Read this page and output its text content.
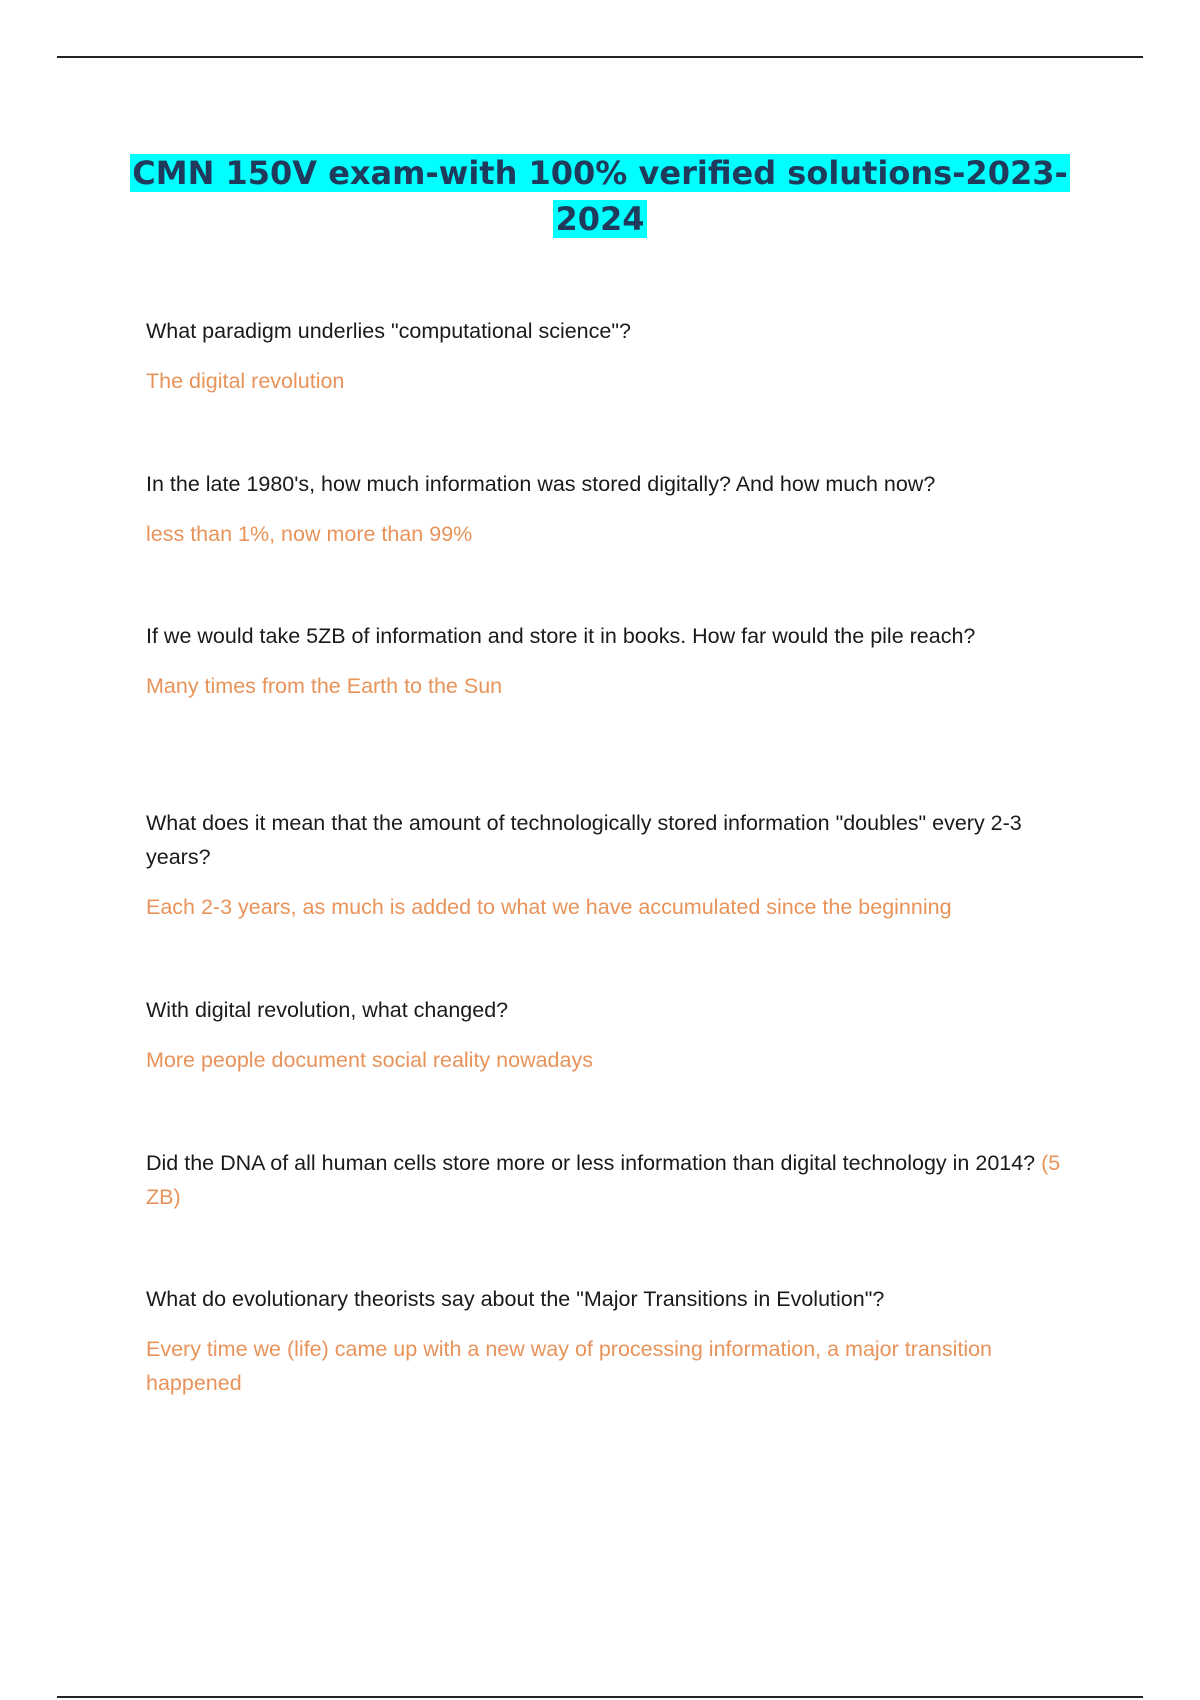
CMN 150V exam-with 100% verified solutions-2023-
2024
What paradigm underlies "computational science"?
The digital revolution
In the late 1980's, how much information was stored digitally? And how much now?
less than 1%, now more than 99%
If we would take 5ZB of information and store it in books. How far would the pile reach?
Many times from the Earth to the Sun
What does it mean that the amount of technologically stored information "doubles" every 2-3 years?
Each 2-3 years, as much is added to what we have accumulated since the beginning
With digital revolution, what changed?
More people document social reality nowadays
Did the DNA of all human cells store more or less information than digital technology in 2014? (5 ZB)
What do evolutionary theorists say about the "Major Transitions in Evolution"?
Every time we (life) came up with a new way of processing information, a major transition happened
